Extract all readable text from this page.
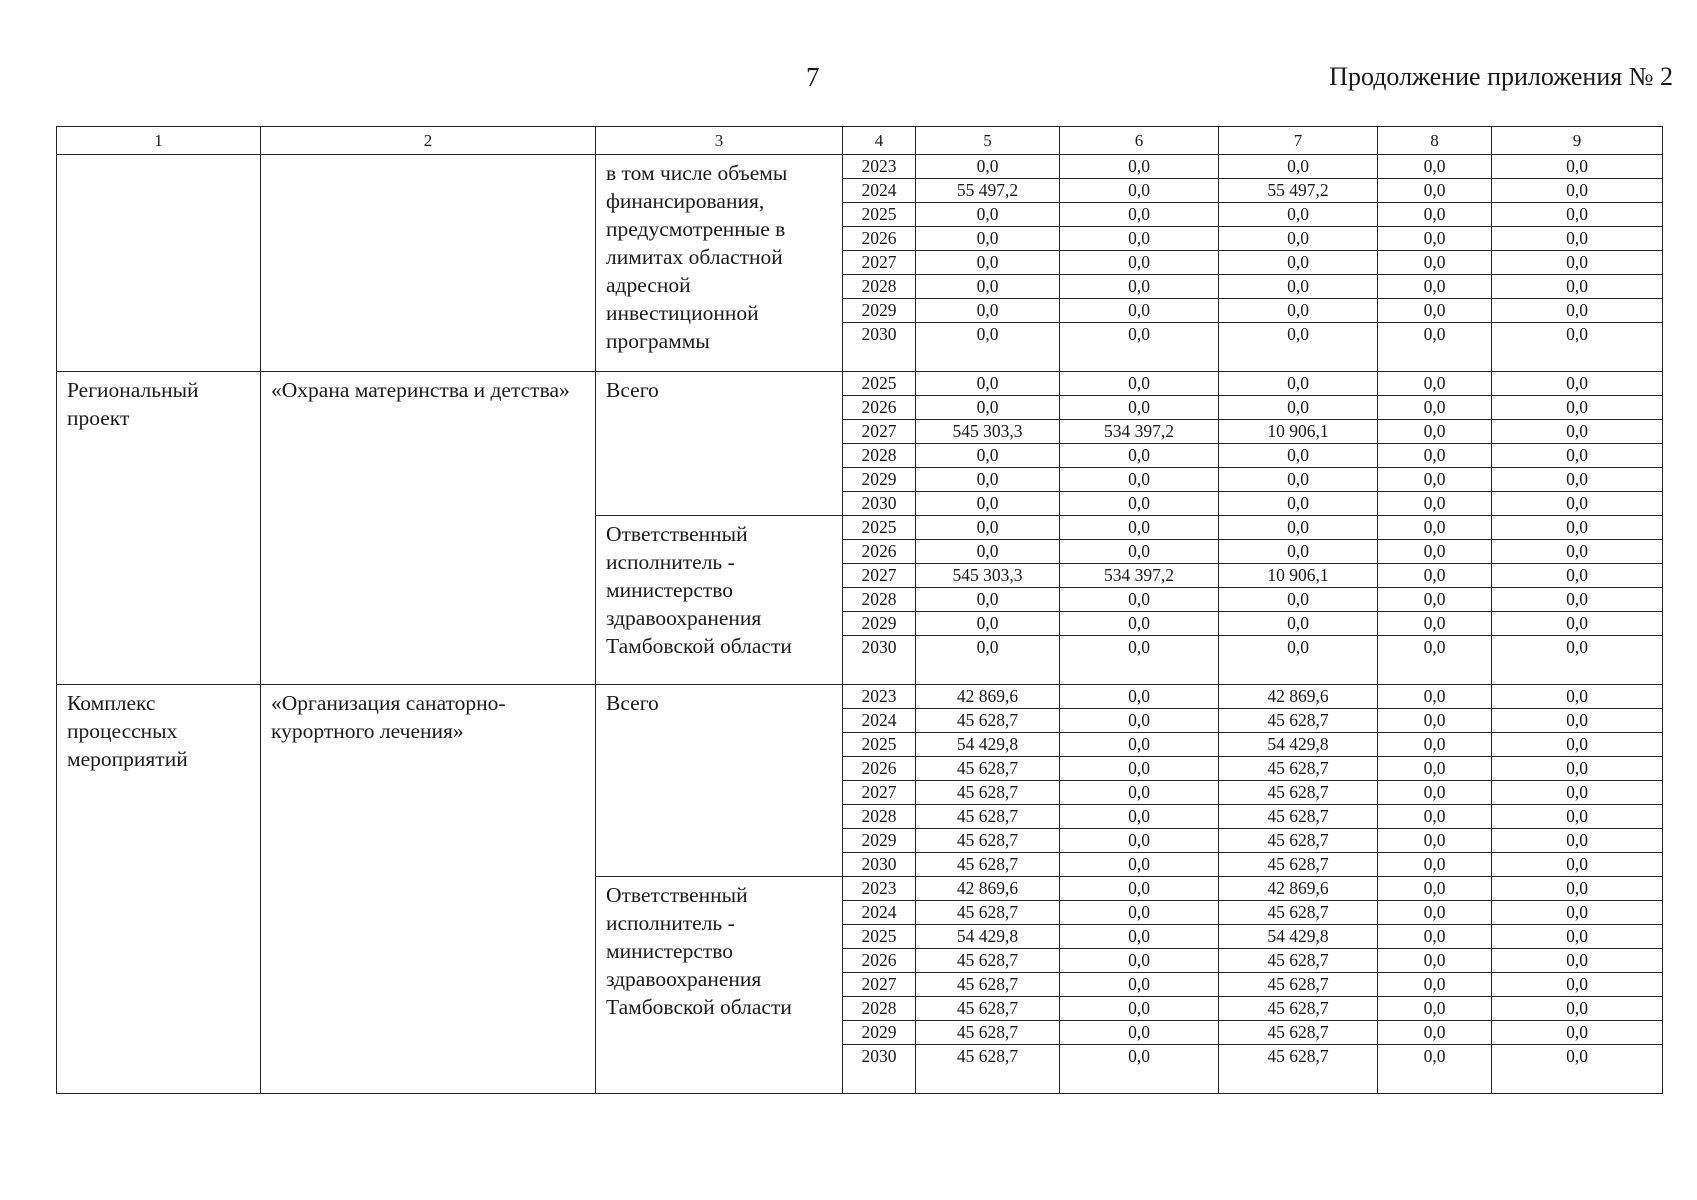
7	Продолжение приложения № 2
1	2	3	4	5	6	7	8	9
		в том числе объемы финансирования, предусмотренные в лимитах областной адресной инвестиционной программы	2023	0,0	0,0	0,0	0,0	0,0
			2024	55 497,2	0,0	55 497,2	0,0	0,0
			2025	0,0	0,0	0,0	0,0	0,0
			2026	0,0	0,0	0,0	0,0	0,0
			2027	0,0	0,0	0,0	0,0	0,0
			2028	0,0	0,0	0,0	0,0	0,0
			2029	0,0	0,0	0,0	0,0	0,0
			2030	0,0	0,0	0,0	0,0	0,0
Региональный проект	«Охрана материнства и детства»	Всего	2025	0,0	0,0	0,0	0,0	0,0
			2026	0,0	0,0	0,0	0,0	0,0
			2027	545 303,3	534 397,2	10 906,1	0,0	0,0
			2028	0,0	0,0	0,0	0,0	0,0
			2029	0,0	0,0	0,0	0,0	0,0
			2030	0,0	0,0	0,0	0,0	0,0
		Ответственный исполнитель - министерство здравоохранения Тамбовской области	2025	0,0	0,0	0,0	0,0	0,0
			2026	0,0	0,0	0,0	0,0	0,0
			2027	545 303,3	534 397,2	10 906,1	0,0	0,0
			2028	0,0	0,0	0,0	0,0	0,0
			2029	0,0	0,0	0,0	0,0	0,0
			2030	0,0	0,0	0,0	0,0	0,0
Комплекс процессных мероприятий	«Организация санаторно-курортного лечения»	Всего	2023	42 869,6	0,0	42 869,6	0,0	0,0
			2024	45 628,7	0,0	45 628,7	0,0	0,0
			2025	54 429,8	0,0	54 429,8	0,0	0,0
			2026	45 628,7	0,0	45 628,7	0,0	0,0
			2027	45 628,7	0,0	45 628,7	0,0	0,0
			2028	45 628,7	0,0	45 628,7	0,0	0,0
			2029	45 628,7	0,0	45 628,7	0,0	0,0
			2030	45 628,7	0,0	45 628,7	0,0	0,0
		Ответственный исполнитель - министерство здравоохранения Тамбовской области	2023	42 869,6	0,0	42 869,6	0,0	0,0
			2024	45 628,7	0,0	45 628,7	0,0	0,0
			2025	54 429,8	0,0	54 429,8	0,0	0,0
			2026	45 628,7	0,0	45 628,7	0,0	0,0
			2027	45 628,7	0,0	45 628,7	0,0	0,0
			2028	45 628,7	0,0	45 628,7	0,0	0,0
			2029	45 628,7	0,0	45 628,7	0,0	0,0
			2030	45 628,7	0,0	45 628,7	0,0	0,0
